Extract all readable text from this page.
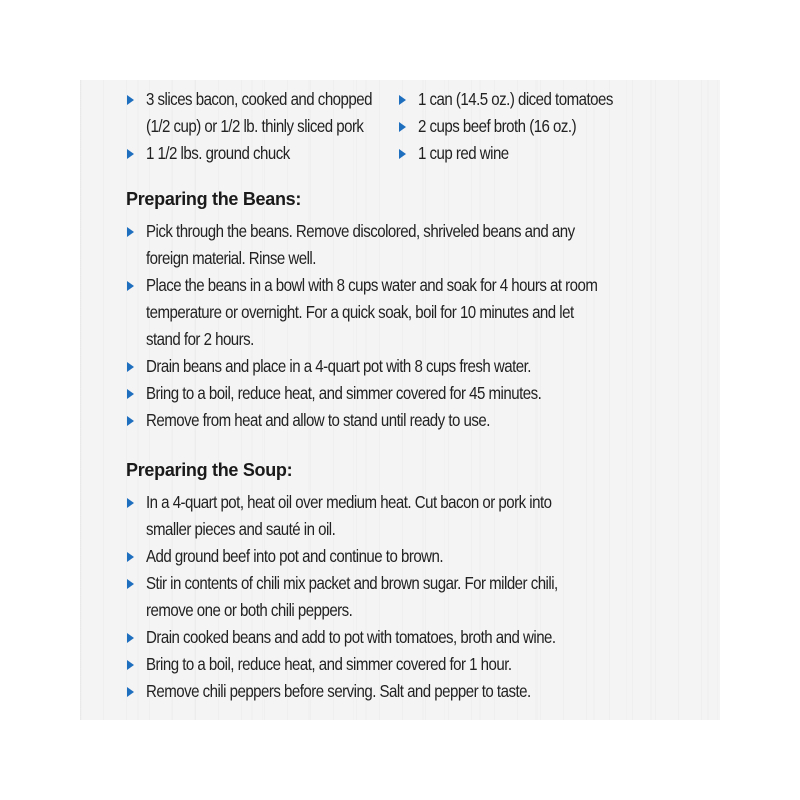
3 slices bacon, cooked and chopped
(1/2 cup) or 1/2 lb. thinly sliced pork
1 1/2 lbs. ground chuck
1 can (14.5 oz.) diced tomatoes
2 cups beef broth (16 oz.)
1 cup red wine
Preparing the Beans:
Pick through the beans. Remove discolored, shriveled beans and any
foreign material. Rinse well.
Place the beans in a bowl with 8 cups water and soak for 4 hours at room
temperature or overnight. For a quick soak, boil for 10 minutes and let
stand for 2 hours.
Drain beans and place in a 4-quart pot with 8 cups fresh water.
Bring to a boil, reduce heat, and simmer covered for 45 minutes.
Remove from heat and allow to stand until ready to use.
Preparing the Soup:
In a 4-quart pot, heat oil over medium heat. Cut bacon or pork into
smaller pieces and sauté in oil.
Add ground beef into pot and continue to brown.
Stir in contents of chili mix packet and brown sugar. For milder chili,
remove one or both chili peppers.
Drain cooked beans and add to pot with tomatoes, broth and wine.
Bring to a boil, reduce heat, and simmer covered for 1 hour.
Remove chili peppers before serving. Salt and pepper to taste.
